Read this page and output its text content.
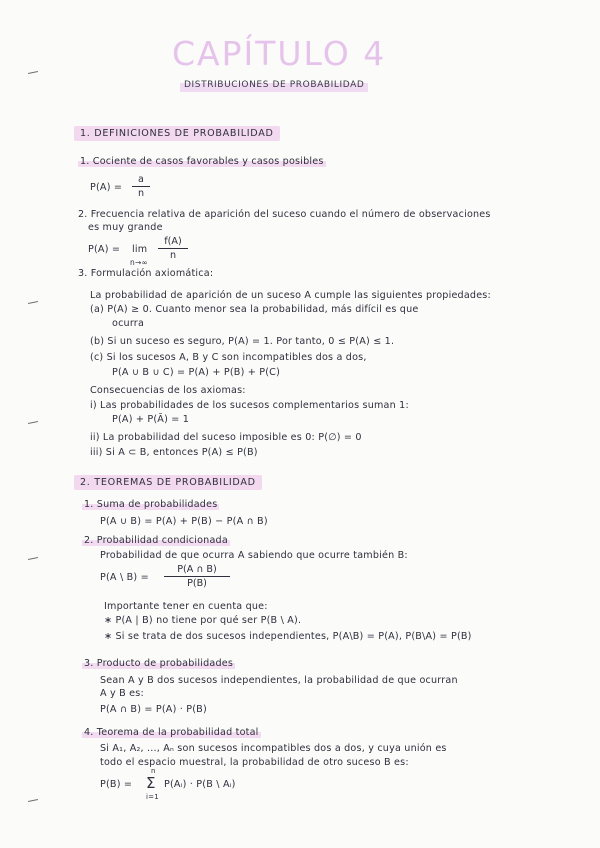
CAPÍTULO 4
DISTRIBUCIONES DE PROBABILIDAD
1. DEFINICIONES DE PROBABILIDAD
1. Cociente de casos favorables y casos posibles
P(A) =
a
n
2. Frecuencia relativa de aparición del suceso cuando el número de observaciones
es muy grande
P(A) = lim
n→∞
f(A)
n
3. Formulación axiomática:
La probabilidad de aparición de un suceso A cumple las siguientes propiedades:
(a) P(A) ≥ 0. Cuanto menor sea la probabilidad, más difícil es que
ocurra
(b) Si un suceso es seguro, P(A) = 1. Por tanto, 0 ≤ P(A) ≤ 1.
(c) Si los sucesos A, B y C son incompatibles dos a dos,
P(A ∪ B ∪ C) = P(A) + P(B) + P(C)
Consecuencias de los axiomas:
i) Las probabilidades de los sucesos complementarios suman 1:
P(A) + P(Ā) = 1
ii) La probabilidad del suceso imposible es 0: P(∅) = 0
iii) Si A ⊂ B, entonces P(A) ≤ P(B)
2. TEOREMAS DE PROBABILIDAD
1. Suma de probabilidades
P(A ∪ B) = P(A) + P(B) − P(A ∩ B)
2. Probabilidad condicionada
Probabilidad de que ocurra A sabiendo que ocurre también B:
P(A \ B) =
P(A ∩ B)
P(B)
Importante tener en cuenta que:
∗ P(A | B) no tiene por qué ser P(B \ A).
∗ Si se trata de dos sucesos independientes, P(A\B) = P(A), P(B\A) = P(B)
3. Producto de probabilidades
Sean A y B dos sucesos independientes, la probabilidad de que ocurran
A y B es:
P(A ∩ B) = P(A) · P(B)
4. Teorema de la probabilidad total
Si A₁, A₂, ..., Aₙ son sucesos incompatibles dos a dos, y cuya unión es
todo el espacio muestral, la probabilidad de otro suceso B es:
P(B) =
n
Σ
i=1
P(Aᵢ) · P(B \ Aᵢ)
